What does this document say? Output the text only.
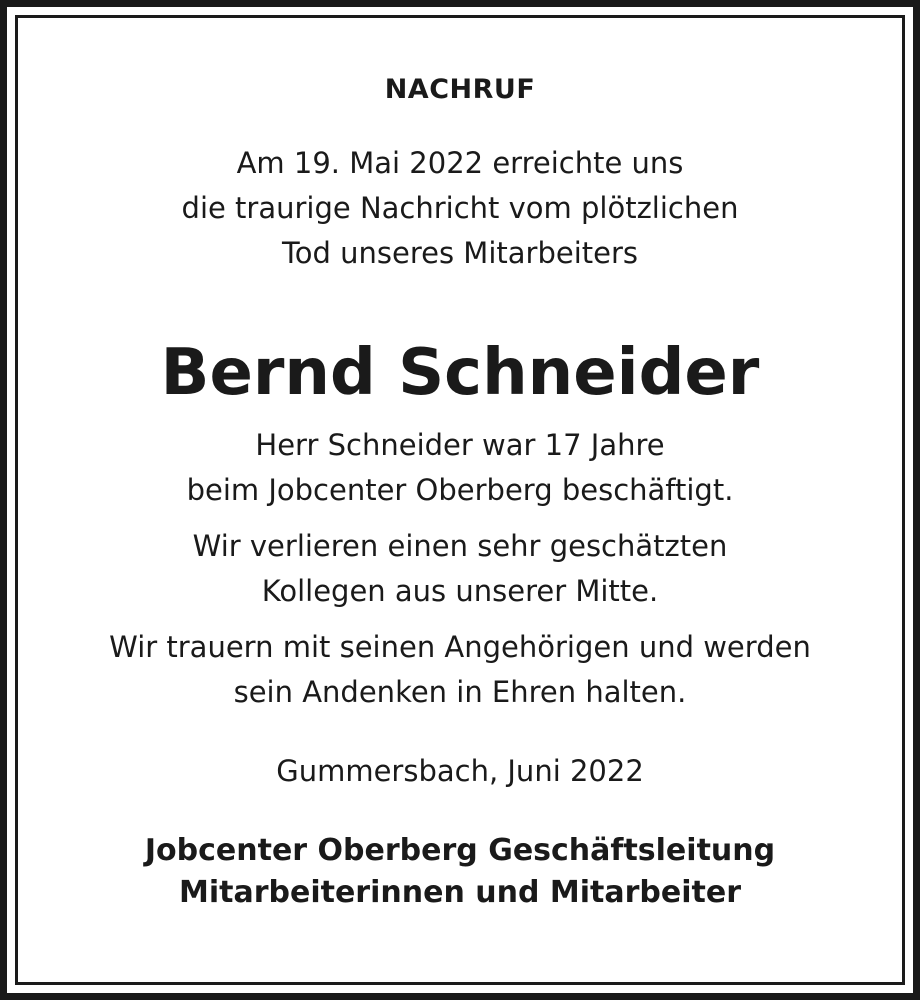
NACHRUF
Am 19. Mai 2022 erreichte uns
die traurige Nachricht vom plötzlichen
Tod unseres Mitarbeiters
Bernd Schneider
Herr Schneider war 17 Jahre
beim Jobcenter Oberberg beschäftigt.
Wir verlieren einen sehr geschätzten
Kollegen aus unserer Mitte.
Wir trauern mit seinen Angehörigen und werden
sein Andenken in Ehren halten.
Gummersbach, Juni 2022
Jobcenter Oberberg Geschäftsleitung
Mitarbeiterinnen und Mitarbeiter
